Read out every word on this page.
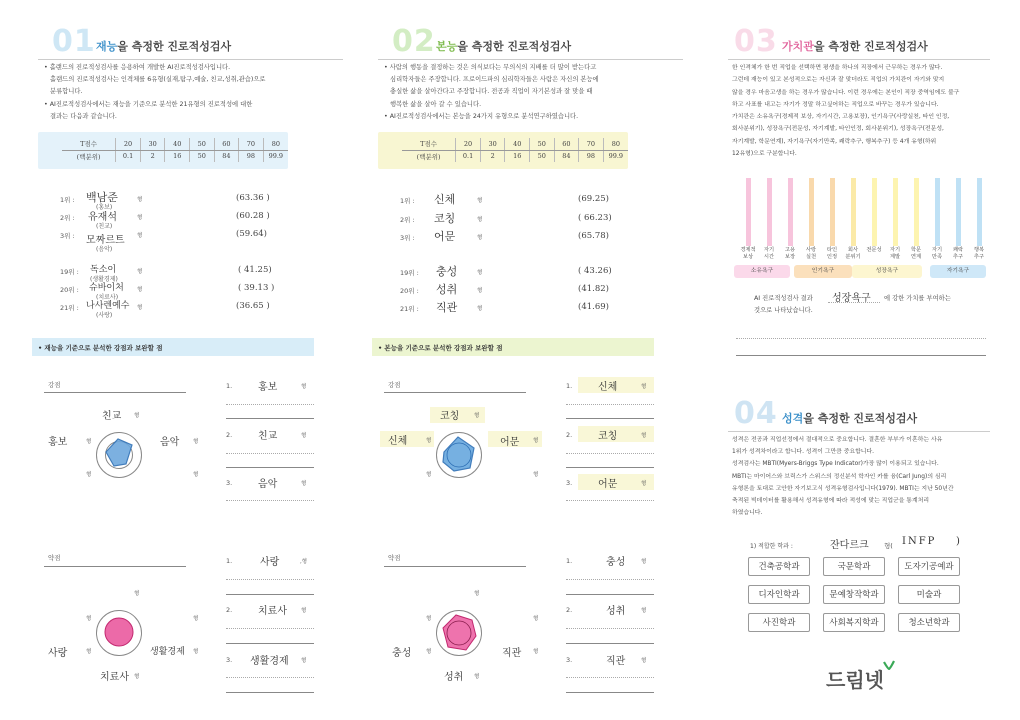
01 재능을 측정한 진로적성검사

• 홀랜드의 진로적성검사를 응용하여 개발한 AI진로적성검사입니다.

홀랜드의 진로적성검사는 인격체를 6유형(실재,탐구,예술, 친교,성취,관습)으로

분류합니다.

• AI진로적성검사에서는 재능을 기준으로 분석한 21유형의 진로적성에 대한

결과는 다음과 같습니다.

T점수	20	30	40	50	60	70	80
(백분위)	0.1	2	16	50	84	98	99.9
1위 : 백남준
(홍보)
형	(63.36 )
2위 : 유재석
(친교)
형	(60.28 )
3위 : 모짜르트
(음악)
형	(59.64)
19위 : 독소이
(생활경제)
형	( 41.25)
20위 : 슈바이처
(치료사)
형	( 39.13 )
21위 : 나사렌예수
(사랑)
형	(36.65 )
• 재능을 기준으로 분석한 강점과 보완할 점
강점
친교 형
홍보	형	음악 형
형	형
1.	홍보	형
2.	친교	형
3.	음악	형
약점
형
형	형
사랑	형	생활경제 형
치료사 형
1.	사랑	,형
2.	치료사	형
3. 생활경제 형
02 본능을 측정한 진로적성검사

• 사람의 행동을 결정하는 것은 의식보다는 무의식의 지배를 더 많이 받는다고

심리학자들은 주장합니다. 프로이드파의 심리학자들은 사람은 자신의 본능에

충실한 삶을 살아간다고 주장합니다. 전공과 직업이 자기본성과 잘 맞을 때

행복한 삶을 살아 갈 수 있습니다.

• AI진로적성검사에서는 본능을 24가지 유형으로 분석연구하였습니다.

T점수	20	30	40	50	60	70	80
(백분위)	0.1	2	16	50	84	98	99.9
1위 : 신체	형	(69.25)
2위 : 코칭	형	( 66.23)
3위 : 어문	형	(65.78)
19위 : 충성	형	( 43.26)
20위 : 성취	형	(41.82)
21위 : 직관	형	(41.69)
• 본능을 기준으로 분석한 강점과 보완할 점
강점
코칭	형
신체	형	어문 형
형	형
1.	신체	형
2.	코칭	형
3.	어문	형
약점
형
형	형
충성	형	직관 형
성취 형
1.	충성	형
2.	성취	형
3.	직관	형
03 가치관을 측정한 진로적성검사

한 인격체가 한 번 직업을 선택하면 평생을 하나의 직장에서 근무하는 경우가 많다.

그런데 재능이 있고 본성적으로는 자신과 잘 맞더라도 직업의 가치관이 자기와 맞지

않을 경우 마음고생을 하는 경우가 많습니다. 이런 경우에는 본인이 직장 중역임에도 불구

하고 사표를 내고는 자기가 정말 하고싶어하는 직업으로 바꾸는 경우가 있습니다.

가치관은 소유욕구(경제적 보상, 자기시간, 고용보장), 인기욕구(사랑실천, 타인 인정,

회사분위기), 성장욕구(전문성, 자기계발, 타인인정, 회사분위기), 성장욕구(전문성,

자기계발, 학문연계), 자기욕구(자기만족, 쾌락추구, 행복추구) 등 4개 유형(하위

12유형)으로 구분합니다.

경제적
보상
자기
시간
고용
보장
사랑
실천
타인
인정
회사
분위기
전문성	자기
계발
학문
연계
자기
만족
쾌락
추구
행복
추구
소유욕구	인기욕구	성장욕구	자기욕구
AI 진로적성검사 결과 성장욕구 에 강한 가치를 부여하는
것으로 나타났습니다.
04 성격을 측정한 진로적성검사

성격은 전공과 직업선정에서 절대적으로 중요합니다. 결혼한 부부가 이혼하는 사유

1위가 성격차이라고 합니다. 성격이 그만큼 중요합니다.

성격검사는 MBTI(Myers-Briggs Type Indicator)가장 많이 이용되고 있습니다.

MBTI는 마이어스와 브릭스가 스위스의 정신분석 학자인 카를 융(Carl Jung)의 심리

유형론을 토대로 고안한 자기보고식 성격유형검사입니다(1979). MBTI는 지난 50년간

축적된 빅데이터를 활용해서 성격유형에 따라 적성에 맞는 직업군을 통계처리

하였습니다.

1) 적합한 학과 :	잔다르크 형( INFP )
건축공학과	국문학과	도자기공예과
디자인학과	문예창작학과	미술과
사진학과	사회복지학과	청소년학과
드림넷
